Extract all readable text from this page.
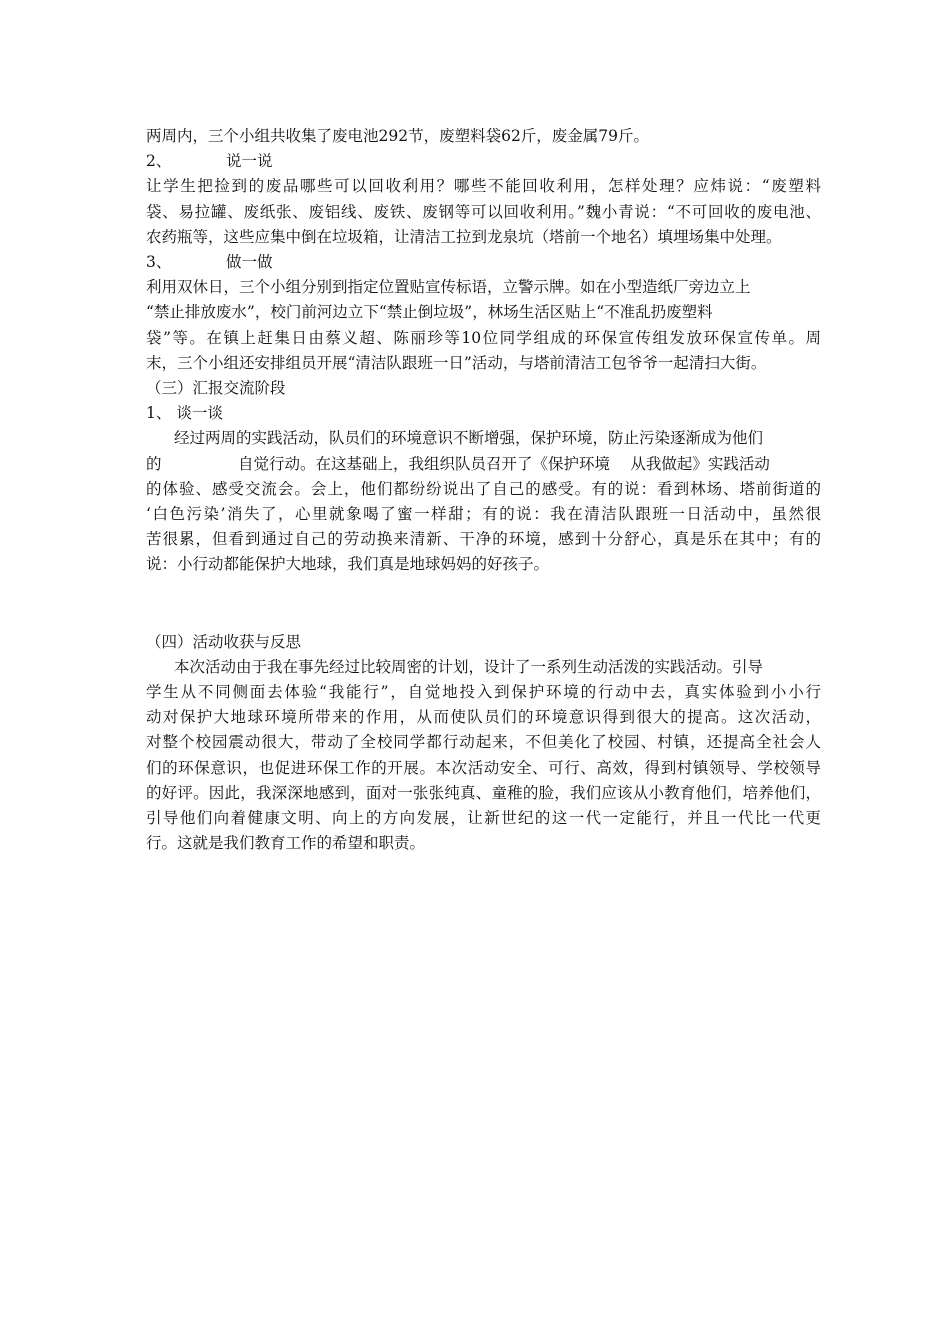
两周内，三个小组共收集了废电池292节，废塑料袋62斤，废金属79斤。
2、	说一说
让学生把捡到的废品哪些可以回收利用？哪些不能回收利用，怎样处理？应炜说：“废塑料
袋、易拉罐、废纸张、废铝线、废铁、废钢等可以回收利用。”魏小青说：“不可回收的废电池、
农药瓶等，这些应集中倒在垃圾箱，让清洁工拉到龙泉坑（塔前一个地名）填埋场集中处理。
3、	做一做
利用双休日，三个小组分别到指定位置贴宣传标语，立警示牌。如在小型造纸厂旁边立上
“禁止排放废水”，校门前河边立下“禁止倒垃圾”，林场生活区贴上“不准乱扔废塑料
袋”等。在镇上赶集日由蔡义超、陈丽珍等10位同学组成的环保宣传组发放环保宣传单。周
末，三个小组还安排组员开展“清洁队跟班一日”活动，与塔前清洁工包爷爷一起清扫大街。
（三）汇报交流阶段
1、 谈一谈
经过两周的实践活动，队员们的环境意识不断增强，保护环境，防止污染逐渐成为他们
的	自觉行动。在这基础上，我组织队员召开了《保护环境　 从我做起》实践活动
的体验、感受交流会。会上，他们都纷纷说出了自己的感受。有的说：看到林场、塔前街道的
‘白色污染’消失了，心里就象喝了蜜一样甜；有的说：我在清洁队跟班一日活动中，虽然很
苦很累，但看到通过自己的劳动换来清新、干净的环境，感到十分舒心，真是乐在其中；有的
说：小行动都能保护大地球，我们真是地球妈妈的好孩子。
（四）活动收获与反思
本次活动由于我在事先经过比较周密的计划，设计了一系列生动活泼的实践活动。引导
学生从不同侧面去体验“我能行”，自觉地投入到保护环境的行动中去，真实体验到小小行
动对保护大地球环境所带来的作用，从而使队员们的环境意识得到很大的提高。这次活动，
对整个校园震动很大，带动了全校同学都行动起来，不但美化了校园、村镇，还提高全社会人
们的环保意识，也促进环保工作的开展。本次活动安全、可行、高效，得到村镇领导、学校领导
的好评。因此，我深深地感到，面对一张张纯真、童稚的脸，我们应该从小教育他们，培养他们，
引导他们向着健康文明、向上的方向发展，让新世纪的这一代一定能行，并且一代比一代更
行。这就是我们教育工作的希望和职责。
